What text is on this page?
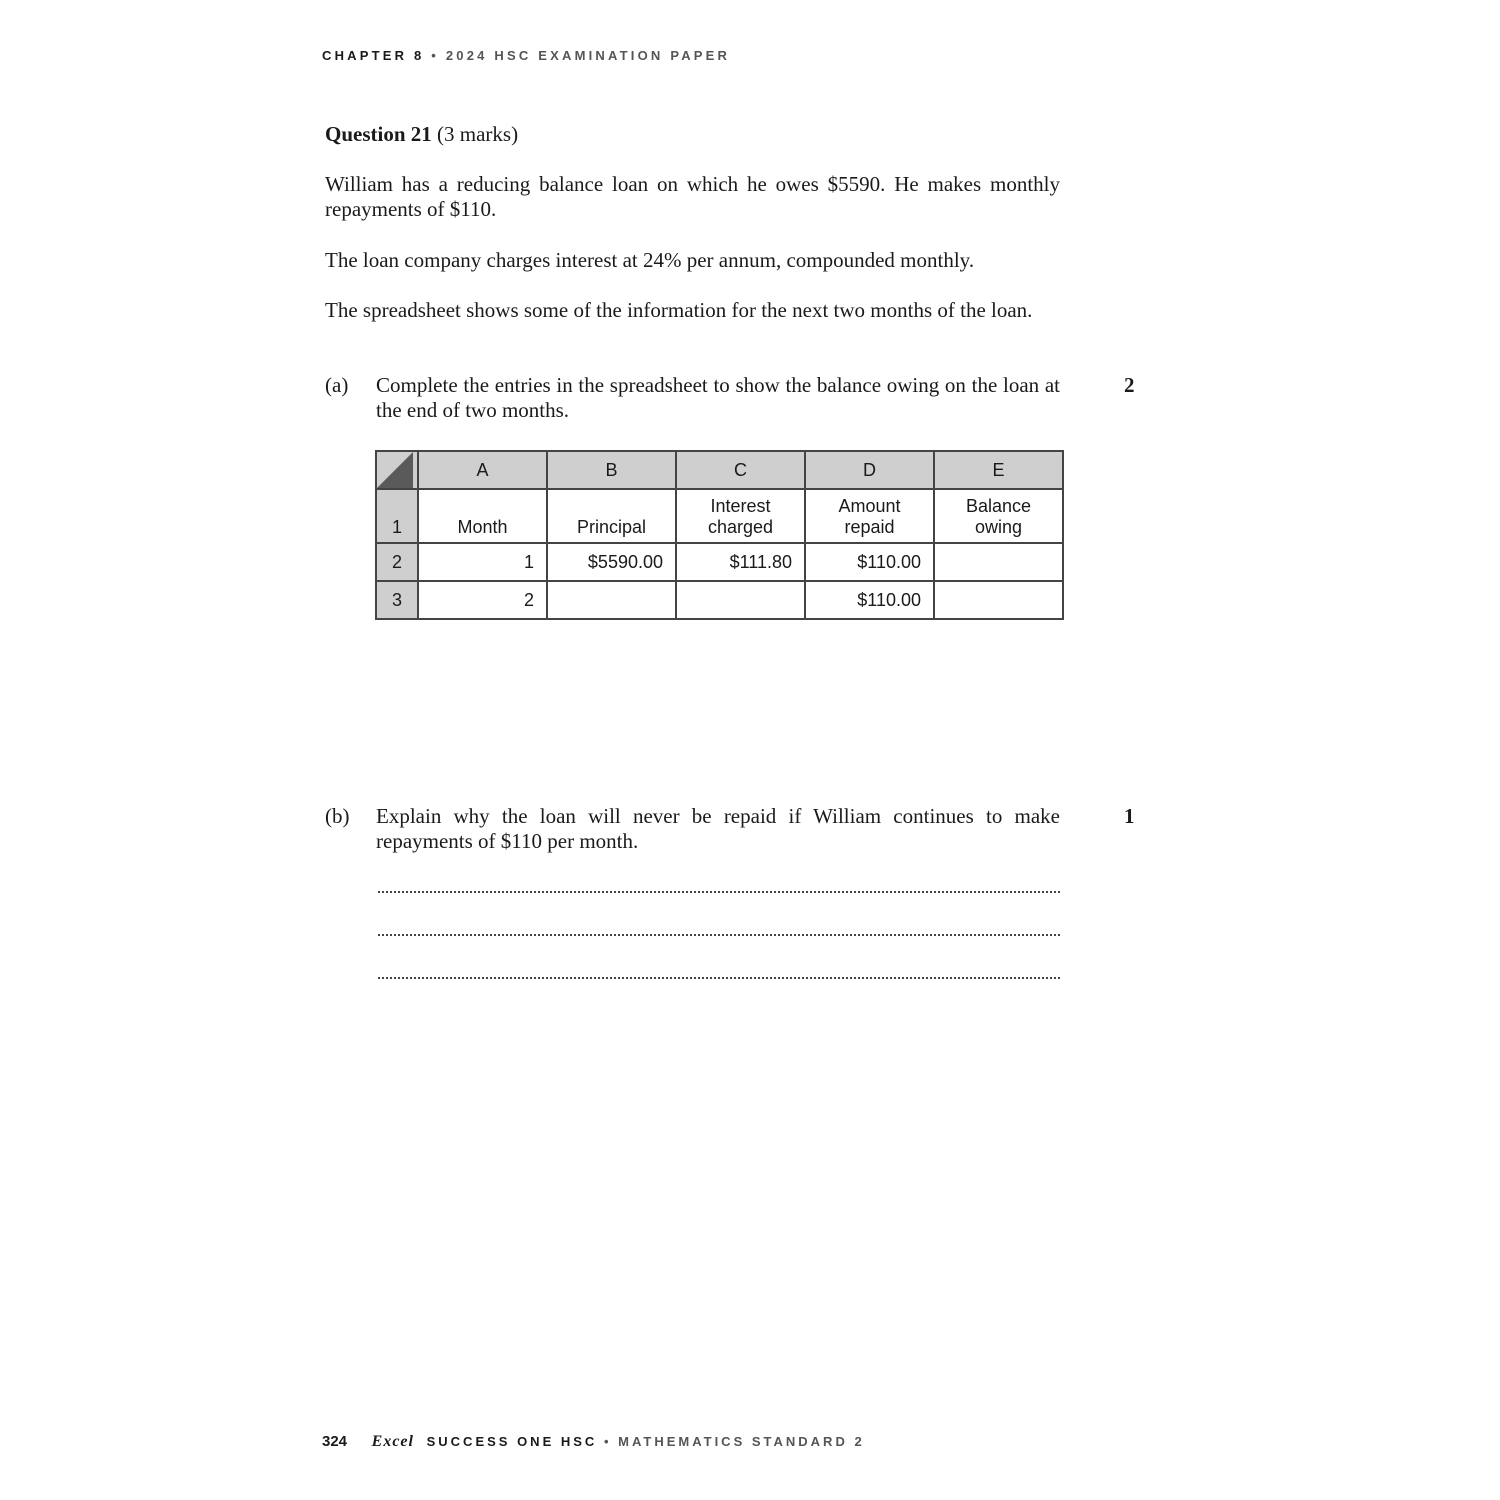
CHAPTER 8 • 2024 HSC EXAMINATION PAPER
Question 21 (3 marks)
William has a reducing balance loan on which he owes $5590. He makes monthly repayments of $110.
The loan company charges interest at 24% per annum, compounded monthly.
The spreadsheet shows some of the information for the next two months of the loan.
(a) Complete the entries in the spreadsheet to show the balance owing on the loan at the end of two months.
2
	A	B	C	D	E
1	Month	Principal	Interest charged	Amount repaid	Balance owing
2	1	$5590.00	$111.80	$110.00	
3	2			$110.00	
(b) Explain why the loan will never be repaid if William continues to make repayments of $110 per month.
1
324 Excel SUCCESS ONE HSC • MATHEMATICS STANDARD 2
